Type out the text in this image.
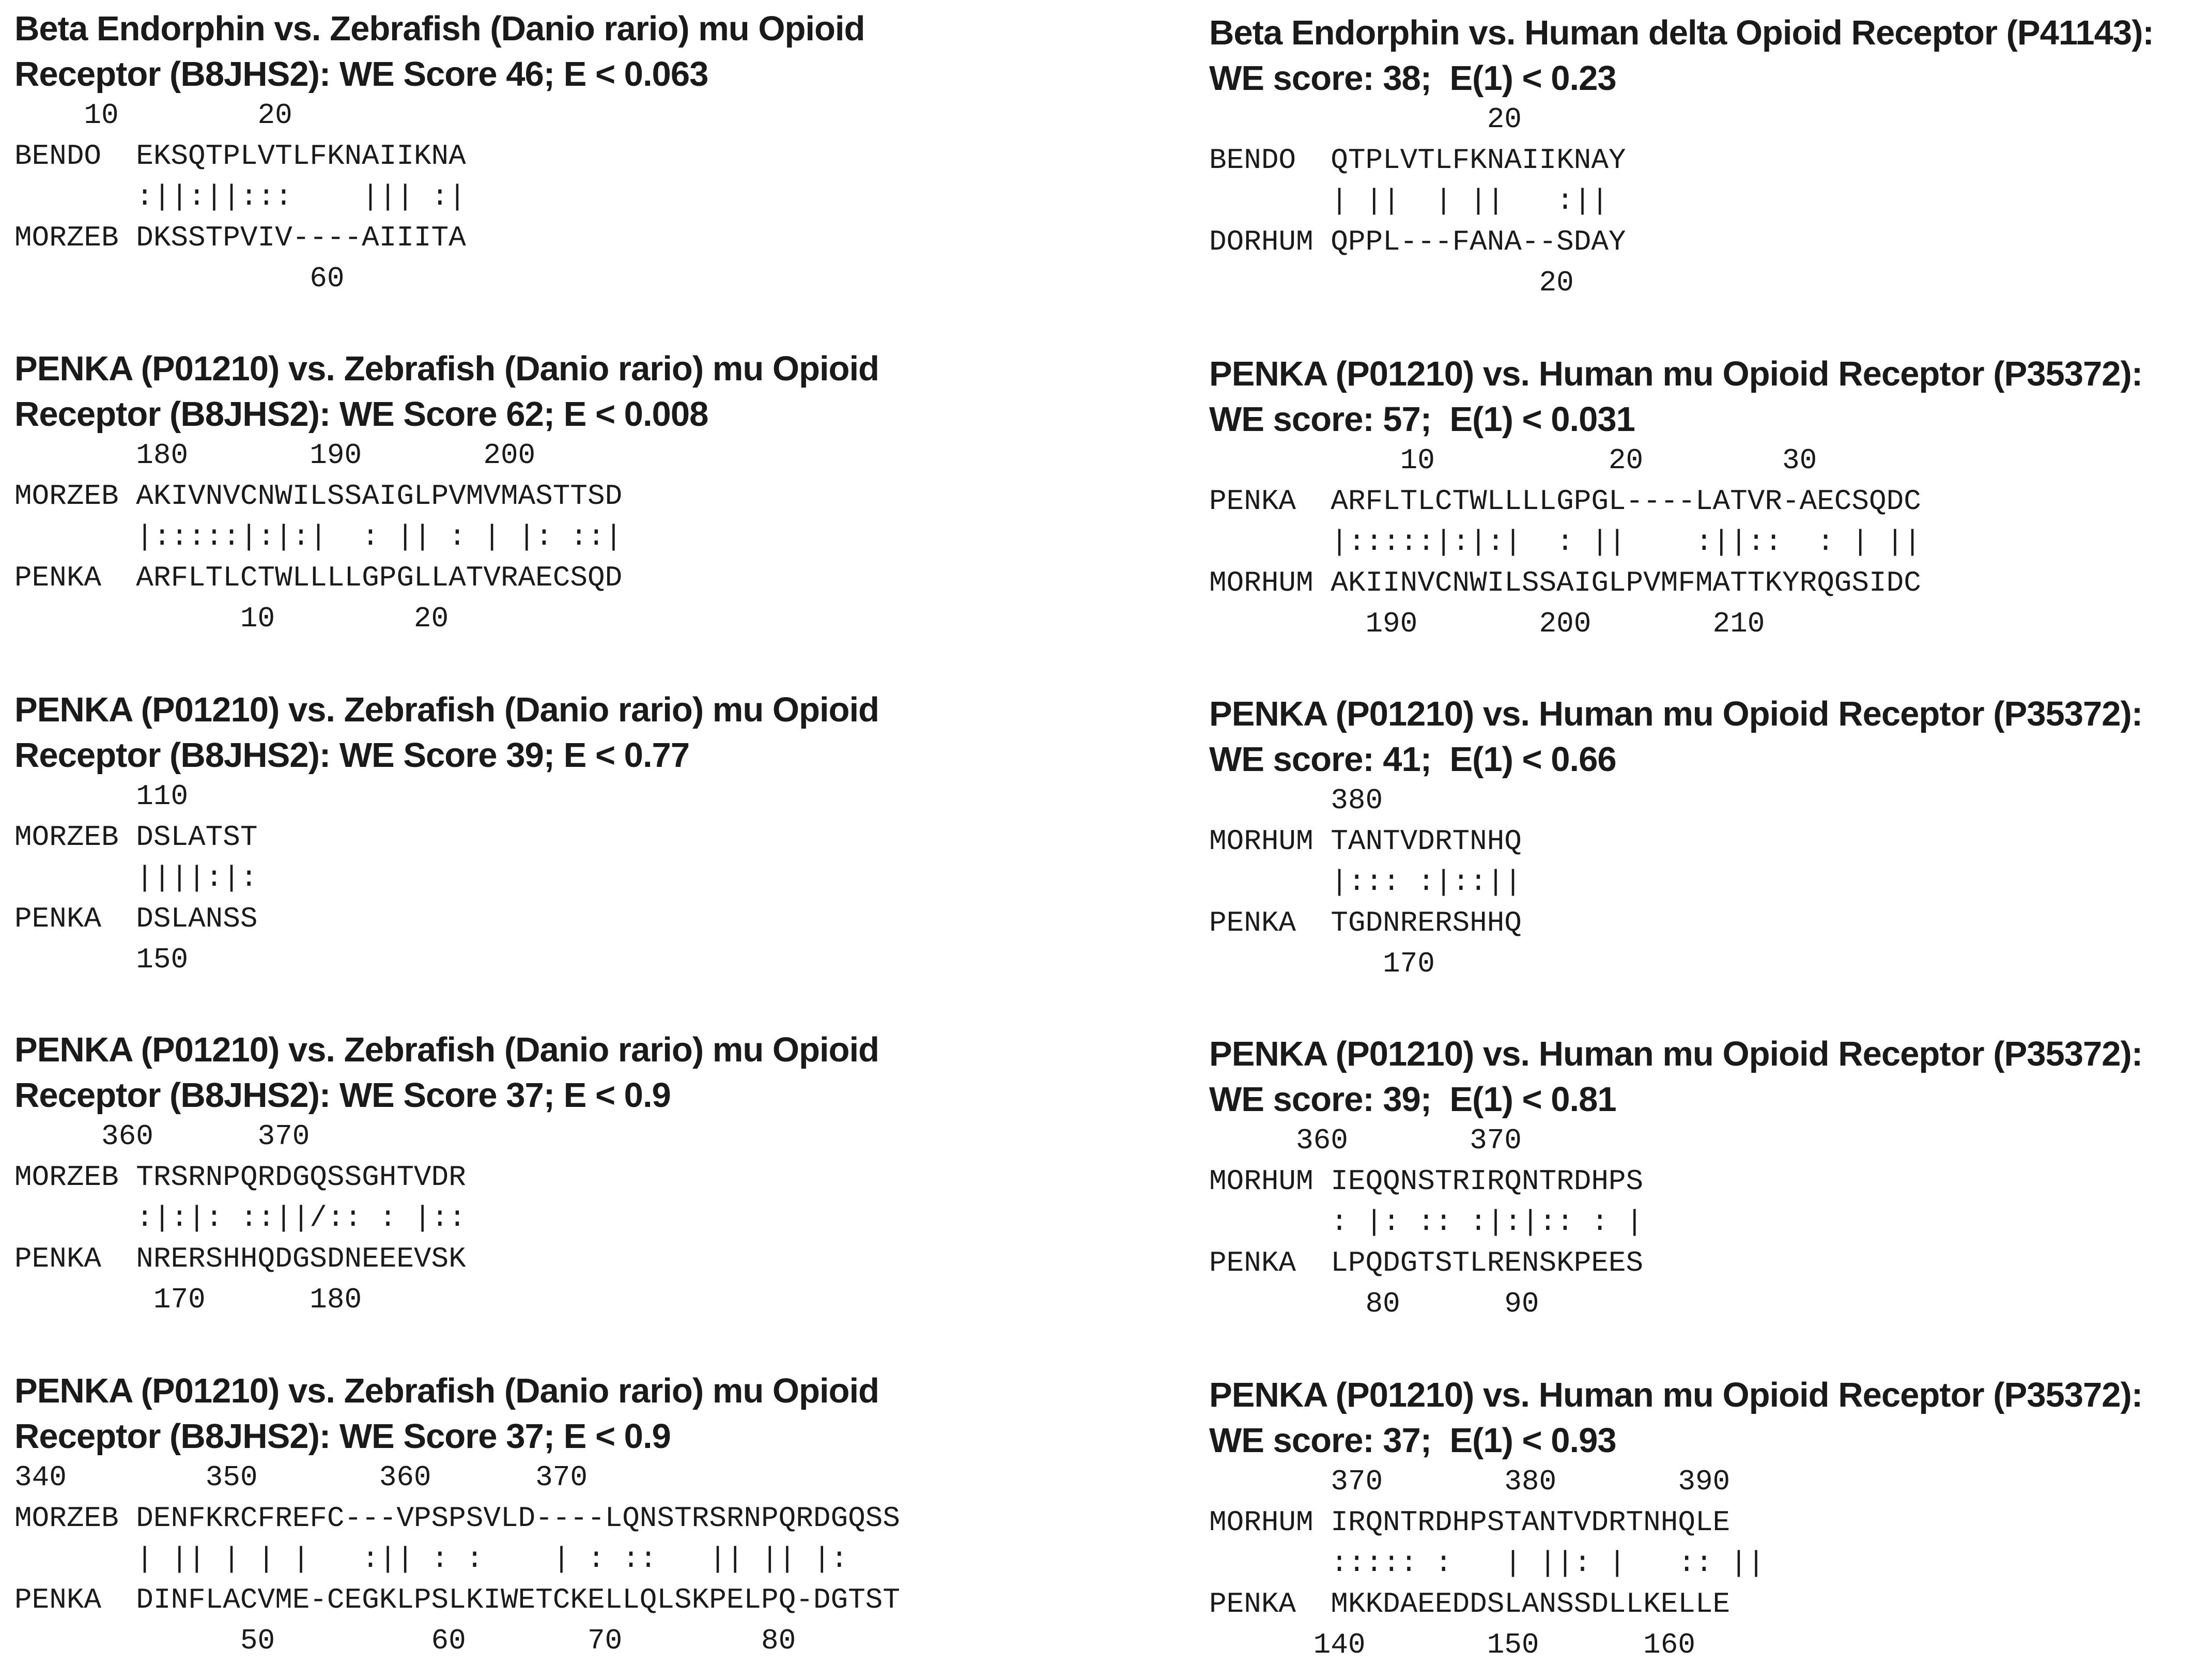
Beta Endorphin vs. Zebrafish (Danio rario) mu Opioid
Receptor (B8JHS2): WE Score 46; E < 0.063
10        20
BENDO  EKSQTPLVTLFKNAIIKNA
:||:||:::    ||| :|
MORZEB DKSSTPVIV----AIIITA
60
PENKA (P01210) vs. Zebrafish (Danio rario) mu Opioid
Receptor (B8JHS2): WE Score 62; E < 0.008
180       190       200
MORZEB AKIVNVCNWILSSAIGLPVMVMASTTSD
|:::::|:|:|  : || : | |: ::|
PENKA  ARFLTLCTWLLLLGPGLLATVRAECSQD
10        20
PENKA (P01210) vs. Zebrafish (Danio rario) mu Opioid
Receptor (B8JHS2): WE Score 39; E < 0.77
110
MORZEB DSLATST
||||:|:
PENKA  DSLANSS
150
PENKA (P01210) vs. Zebrafish (Danio rario) mu Opioid
Receptor (B8JHS2): WE Score 37; E < 0.9
360      370
MORZEB TRSRNPQRDGQSSGHTVDR
:|:|: ::||/:: : |::
PENKA  NRERSHHQDGSDNEEEVSK
170      180
PENKA (P01210) vs. Zebrafish (Danio rario) mu Opioid
Receptor (B8JHS2): WE Score 37; E < 0.9
340        350       360      370
MORZEB DENFKRCFREFC---VPSPSVLD----LQNSTRSRNPQRDGQSS
| || | | |   :|| : :    | : ::   || || |:
PENKA  DINFLACVME-CEGKLPSLKIWETCKELLQLSKPELPQ-DGTST
50         60       70        80
Beta Endorphin vs. Human delta Opioid Receptor (P41143):
WE score: 38;  E(1) < 0.23
20
BENDO  QTPLVTLFKNAIIKNAY
| ||  | ||   :||
DORHUM QPPL---FANA--SDAY
20
PENKA (P01210) vs. Human mu Opioid Receptor (P35372):
WE score: 57;  E(1) < 0.031
10          20        30
PENKA  ARFLTLCTWLLLLGPGL----LATVR-AECSQDC
|:::::|:|:|  : ||    :||::  : | ||
MORHUM AKIINVCNWILSSAIGLPVMFMATTKYRQGSIDC
190       200       210
PENKA (P01210) vs. Human mu Opioid Receptor (P35372):
WE score: 41;  E(1) < 0.66
380
MORHUM TANTVDRTNHQ
|::: :|::||
PENKA  TGDNRERSHHQ
170
PENKA (P01210) vs. Human mu Opioid Receptor (P35372):
WE score: 39;  E(1) < 0.81
360       370
MORHUM IEQQNSTRIRQNTRDHPS
: |: :: :|:|:: : |
PENKA  LPQDGTSTLRENSKPEES
80      90
PENKA (P01210) vs. Human mu Opioid Receptor (P35372):
WE score: 37;  E(1) < 0.93
370       380       390
MORHUM IRQNTRDHPSTANTVDRTNHQLE
::::: :   | ||: |   :: ||
PENKA  MKKDAEEDDSLANSSDLLKELLE
140       150      160
